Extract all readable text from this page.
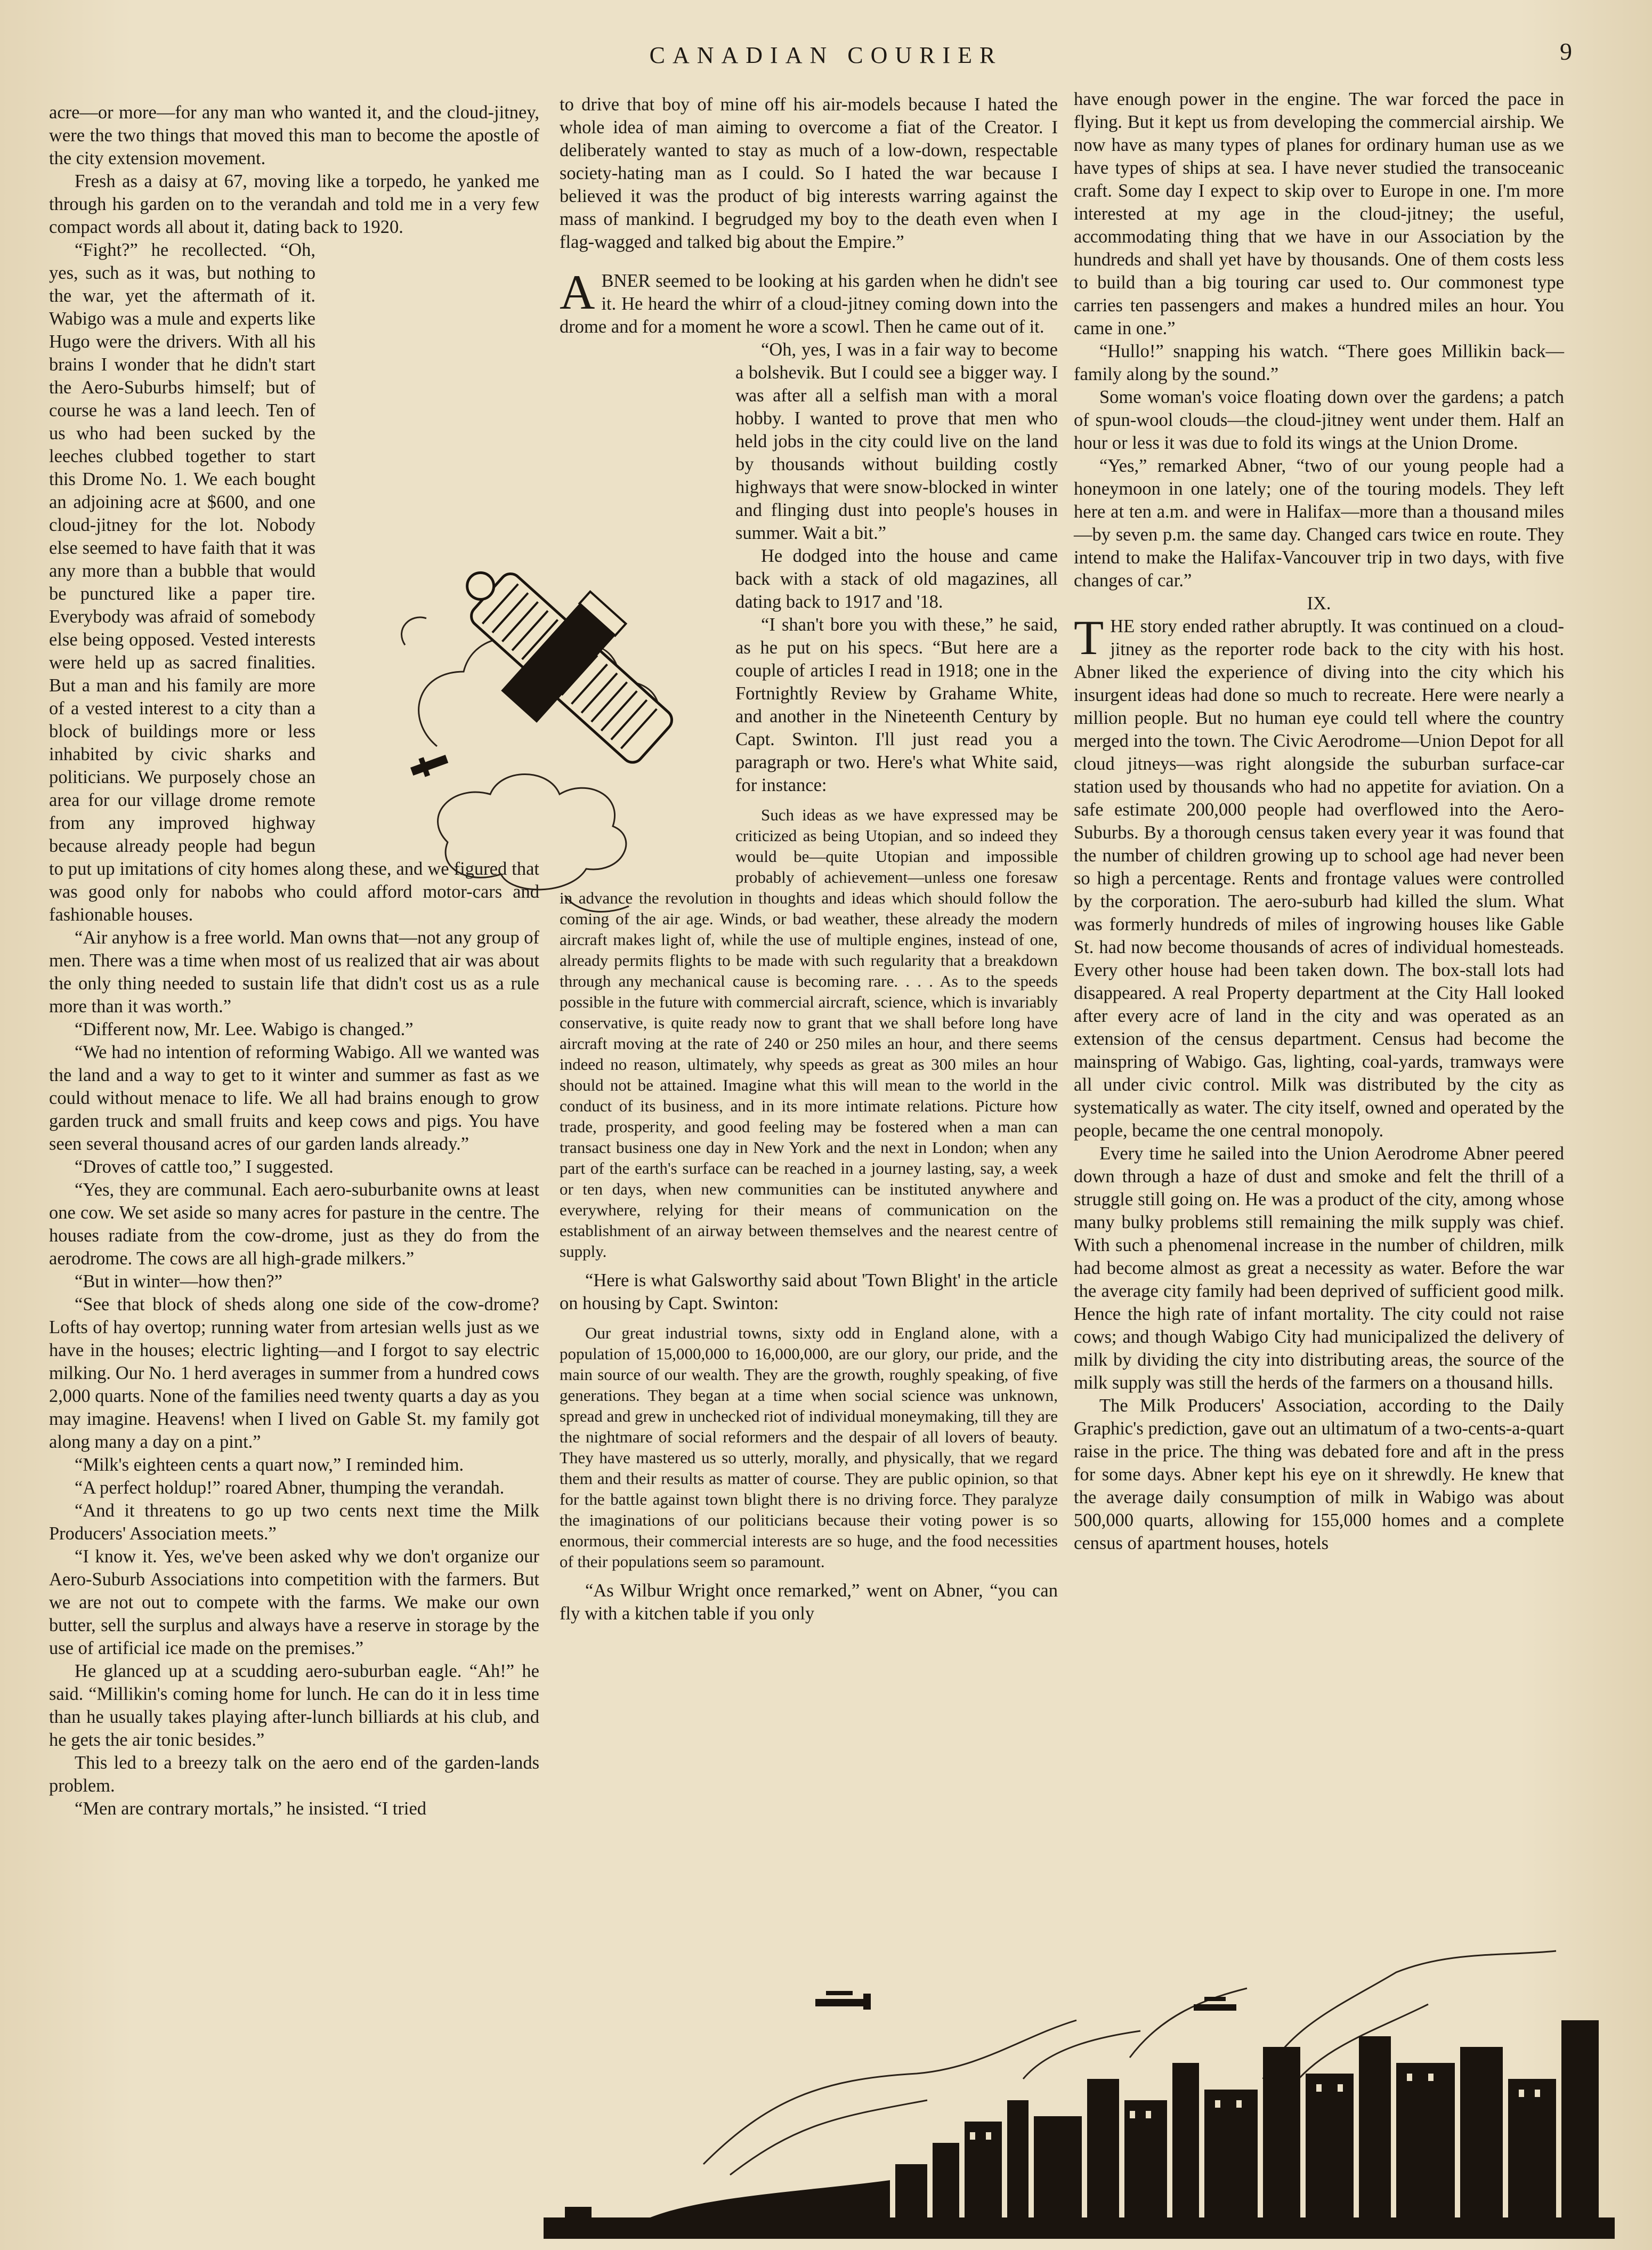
CANADIAN COURIER	9

acre—or more—for any man who wanted it, and the cloud-jitney, were the two things that moved this man to become the apostle of the city extension movement.

Fresh as a daisy at 67, moving like a torpedo, he yanked me through his garden on to the verandah and told me in a very few compact words all about it, dating back to 1920.

“Fight?” he recollected. “Oh, yes, such as it was, but nothing to the war, yet the aftermath of it. Wabigo was a mule and experts like Hugo were the drivers. With all his brains I wonder that he didn't start the Aero-Suburbs himself; but of course he was a land leech. Ten of us who had been sucked by the leeches clubbed together to start this Drome No. 1. We each bought an adjoining acre at $600, and one cloud-jitney for the lot. Nobody else seemed to have faith that it was any more than a bubble that would be punctured like a paper tire. Everybody was afraid of somebody else being opposed. Vested interests were held up as sacred finalities. But a man and his family are more of a vested interest to a city than a block of buildings more or less inhabited by civic sharks and politicians. We purposely chose an area for our village drome remote from any improved highway because already people had begun to put up imitations of city homes along these, and we figured that was good only for nabobs who could afford motor-cars and fashionable houses.

“Air anyhow is a free world. Man owns that—not any group of men. There was a time when most of us realized that air was about the only thing needed to sustain life that didn't cost us as a rule more than it was worth.”

“Different now, Mr. Lee. Wabigo is changed.”

“We had no intention of reforming Wabigo. All we wanted was the land and a way to get to it winter and summer as fast as we could without menace to life. We all had brains enough to grow garden truck and small fruits and keep cows and pigs. You have seen several thousand acres of our garden lands already.”

“Droves of cattle too,” I suggested.

“Yes, they are communal. Each aero-suburbanite owns at least one cow. We set aside so many acres for pasture in the centre. The houses radiate from the cow-drome, just as they do from the aerodrome. The cows are all high-grade milkers.”

“But in winter—how then?”

“See that block of sheds along one side of the cow-drome? Lofts of hay overtop; running water from artesian wells just as we have in the houses; electric lighting—and I forgot to say electric milking. Our No. 1 herd averages in summer from a hundred cows 2,000 quarts. None of the families need twenty quarts a day as you may imagine. Heavens! when I lived on Gable St. my family got along many a day on a pint.”

“Milk's eighteen cents a quart now,” I reminded him.

“A perfect holdup!” roared Abner, thumping the verandah.

“And it threatens to go up two cents next time the Milk Producers' Association meets.”

“I know it. Yes, we've been asked why we don't organize our Aero-Suburb Associations into competition with the farmers. But we are not out to compete with the farms. We make our own butter, sell the surplus and always have a reserve in storage by the use of artificial ice made on the premises.”

He glanced up at a scudding aero-suburban eagle. “Ah!” he said. “Millikin's coming home for lunch. He can do it in less time than he usually takes playing after-lunch billiards at his club, and he gets the air tonic besides.”

This led to a breezy talk on the aero end of the garden-lands problem.

“Men are contrary mortals,” he insisted. “I tried

to drive that boy of mine off his air-models because I hated the whole idea of man aiming to overcome a fiat of the Creator. I deliberately wanted to stay as much of a low-down, respectable society-hating man as I could. So I hated the war because I believed it was the product of big interests warring against the mass of mankind. I begrudged my boy to the death even when I flag-wagged and talked big about the Empire.”

ABNER seemed to be looking at his garden when he didn't see it. He heard the whirr of a cloud-jitney coming down into the drome and for a moment he wore a scowl. Then he came out of it.

“Oh, yes, I was in a fair way to become a bolshevik. But I could see a bigger way. I was after all a selfish man with a moral hobby. I wanted to prove that men who held jobs in the city could live on the land by thousands without building costly highways that were snow-blocked in winter and flinging dust into people's houses in summer. Wait a bit.”

He dodged into the house and came back with a stack of old magazines, all dating back to 1917 and '18.

“I shan't bore you with these,” he said, as he put on his specs. “But here are a couple of articles I read in 1918; one in the Fortnightly Review by Grahame White, and another in the Nineteenth Century by Capt. Swinton. I'll just read you a paragraph or two. Here's what White said, for instance:

Such ideas as we have expressed may be criticized as being Utopian, and so indeed they would be—quite Utopian and impossible probably of achievement—unless one foresaw in advance the revolution in thoughts and ideas which should follow the coming of the air age. Winds, or bad weather, these already the modern aircraft makes light of, while the use of multiple engines, instead of one, already permits flights to be made with such regularity that a breakdown through any mechanical cause is becoming rare. . . . As to the speeds possible in the future with commercial aircraft, science, which is invariably conservative, is quite ready now to grant that we shall before long have aircraft moving at the rate of 240 or 250 miles an hour, and there seems indeed no reason, ultimately, why speeds as great as 300 miles an hour should not be attained. Imagine what this will mean to the world in the conduct of its business, and in its more intimate relations. Picture how trade, prosperity, and good feeling may be fostered when a man can transact business one day in New York and the next in London; when any part of the earth's surface can be reached in a journey lasting, say, a week or ten days, when new communities can be instituted anywhere and everywhere, relying for their means of communication on the establishment of an airway between themselves and the nearest centre of supply.

“Here is what Galsworthy said about 'Town Blight' in the article on housing by Capt. Swinton:

Our great industrial towns, sixty odd in England alone, with a population of 15,000,000 to 16,000,000, are our glory, our pride, and the main source of our wealth. They are the growth, roughly speaking, of five generations. They began at a time when social science was unknown, spread and grew in unchecked riot of individual moneymaking, till they are the nightmare of social reformers and the despair of all lovers of beauty. They have mastered us so utterly, morally, and physically, that we regard them and their results as matter of course. They are public opinion, so that for the battle against town blight there is no driving force. They paralyze the imaginations of our politicians because their voting power is so enormous, their commercial interests are so huge, and the food necessities of their populations seem so paramount.

“As Wilbur Wright once remarked,” went on Abner, “you can fly with a kitchen table if you only

have enough power in the engine. The war forced the pace in flying. But it kept us from developing the commercial airship. We now have as many types of planes for ordinary human use as we have types of ships at sea. I have never studied the transoceanic craft. Some day I expect to skip over to Europe in one. I'm more interested at my age in the cloud-jitney; the useful, accommodating thing that we have in our Association by the hundreds and shall yet have by thousands. One of them costs less to build than a big touring car used to. Our commonest type carries ten passengers and makes a hundred miles an hour. You came in one.”

“Hullo!” snapping his watch. “There goes Millikin back—family along by the sound.”

Some woman's voice floating down over the gardens; a patch of spun-wool clouds—the cloud-jitney went under them. Half an hour or less it was due to fold its wings at the Union Drome.

“Yes,” remarked Abner, “two of our young people had a honeymoon in one lately; one of the touring models. They left here at ten a.m. and were in Halifax—more than a thousand miles—by seven p.m. the same day. Changed cars twice en route. They intend to make the Halifax-Vancouver trip in two days, with five changes of car.”

IX.

THE story ended rather abruptly. It was continued on a cloud-jitney as the reporter rode back to the city with his host. Abner liked the experience of diving into the city which his insurgent ideas had done so much to recreate. Here were nearly a million people. But no human eye could tell where the country merged into the town. The Civic Aerodrome—Union Depot for all cloud jitneys—was right alongside the suburban surface-car station used by thousands who had no appetite for aviation. On a safe estimate 200,000 people had overflowed into the Aero-Suburbs. By a thorough census taken every year it was found that the number of children growing up to school age had never been so high a percentage. Rents and frontage values were controlled by the corporation. The aero-suburb had killed the slum. What was formerly hundreds of miles of ingrowing houses like Gable St. had now become thousands of acres of individual homesteads. Every other house had been taken down. The box-stall lots had disappeared. A real Property department at the City Hall looked after every acre of land in the city and was operated as an extension of the census department. Census had become the mainspring of Wabigo. Gas, lighting, coal-yards, tramways were all under civic control. Milk was distributed by the city as systematically as water. The city itself, owned and operated by the people, became the one central monopoly.

Every time he sailed into the Union Aerodrome Abner peered down through a haze of dust and smoke and felt the thrill of a struggle still going on. He was a product of the city, among whose many bulky problems still remaining the milk supply was chief. With such a phenomenal increase in the number of children, milk had become almost as great a necessity as water. Before the war the average city family had been deprived of sufficient good milk. Hence the high rate of infant mortality. The city could not raise cows; and though Wabigo City had municipalized the delivery of milk by dividing the city into distributing areas, the source of the milk supply was still the herds of the farmers on a thousand hills.

The Milk Producers' Association, according to the Daily Graphic's prediction, gave out an ultimatum of a two-cents-a-quart raise in the price. The thing was debated fore and aft in the press for some days. Abner kept his eye on it shrewdly. He knew that the average daily consumption of milk in Wabigo was about 500,000 quarts, allowing for 155,000 homes and a complete census of apartment houses, hotels
